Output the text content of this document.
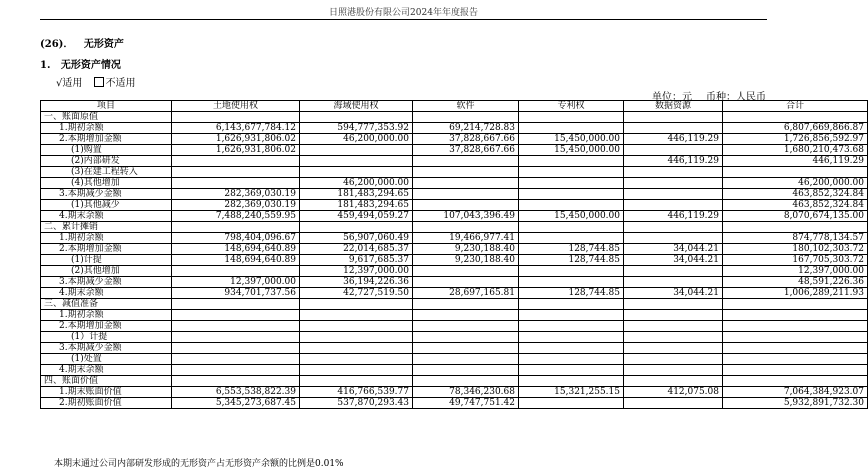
日照港股份有限公司2024年年度报告
(26)． 无形资产
1. 无形资产情况
√适用 不适用
单位：元 币种：人民币
项目	土地使用权	海域使用权	软件	专利权	数据资源	合计
一、账面原值						
1.期初余额	6,143,677,784.12	594,777,353.92	69,214,728.83			6,807,669,866.87
2.本期增加金额	1,626,931,806.02	46,200,000.00	37,828,667.66	15,450,000.00	446,119.29	1,726,856,592.97
(1)购置	1,626,931,806.02		37,828,667.66	15,450,000.00		1,680,210,473.68
(2)内部研发					446,119.29	446,119.29
(3)在建工程转入						
(4)其他增加		46,200,000.00				46,200,000.00
3.本期减少金额	282,369,030.19	181,483,294.65				463,852,324.84
(1)其他减少	282,369,030.19	181,483,294.65				463,852,324.84
4.期末余额	7,488,240,559.95	459,494,059.27	107,043,396.49	15,450,000.00	446,119.29	8,070,674,135.00
二、累计摊销						
1.期初余额	798,404,096.67	56,907,060.49	19,466,977.41			874,778,134.57
2.本期增加金额	148,694,640.89	22,014,685.37	9,230,188.40	128,744.85	34,044.21	180,102,303.72
(1)计提	148,694,640.89	9,617,685.37	9,230,188.40	128,744.85	34,044.21	167,705,303.72
(2)其他增加		12,397,000.00				12,397,000.00
3.本期减少金额	12,397,000.00	36,194,226.36				48,591,226.36
4.期末余额	934,701,737.56	42,727,519.50	28,697,165.81	128,744.85	34,044.21	1,006,289,211.93
三、减值准备						
1.期初余额						
2.本期增加金额						
(1）计提						
3.本期减少金额						
(1)处置						
4.期末余额						
四、账面价值						
1.期末账面价值	6,553,538,822.39	416,766,539.77	78,346,230.68	15,321,255.15	412,075.08	7,064,384,923.07
2.期初账面价值	5,345,273,687.45	537,870,293.43	49,747,751.42			5,932,891,732.30
本期末通过公司内部研发形成的无形资产占无形资产余额的比例是0.01%
